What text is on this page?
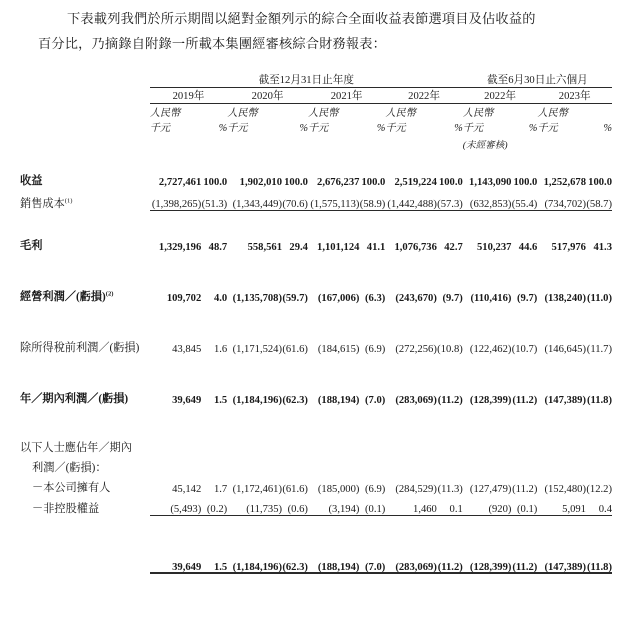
下表載列我們於所示期間以絕對金額列示的綜合全面收益表節選項目及佔收益的

百分比，乃摘錄自附錄一所載本集團經審核綜合財務報表：

	截至12月31日止年度								截至6月30日止六個月			

	2019年		2020年		2021年		2022年		2022年		2023年	

	人民幣		人民幣		人民幣		人民幣		人民幣		人民幣	
	千元	%	千元	%	千元	%	千元	%	千元	%	千元	%
									(未經審核)			

收益	2,727,461	100.0	1,902,010	100.0	2,676,237	100.0	2,519,224	100.0	1,143,090	100.0	1,252,678	100.0
銷售成本$^{(1)}$	(1,398,265)	(51.3)	(1,343,449)	(70.6)	(1,575,113)	(58.9)	(1,442,488)	(57.3)	(632,853)	(55.4)	(734,702)	(58.7)

毛利	1,329,196	48.7	558,561	29.4	1,101,124	41.1	1,076,736	42.7	510,237	44.6	517,976	41.3

經營利潤／(虧損)$^{(2)}$	109,702	4.0	(1,135,708)	(59.7)	(167,006)	(6.3)	(243,670)	(9.7)	(110,416)	(9.7)	(138,240)	(11.0)

除所得稅前利潤／(虧損)	43,845	1.6	(1,171,524)	(61.6)	(184,615)	(6.9)	(272,256)	(10.8)	(122,462)	(10.7)	(146,645)	(11.7)

年／期內利潤／(虧損)	39,649	1.5	(1,184,196)	(62.3)	(188,194)	(7.0)	(283,069)	(11.2)	(128,399)	(11.2)	(147,389)	(11.8)

以下人士應佔年／期內												
利潤／(虧損)：												
－本公司擁有人	45,142	1.7	(1,172,461)	(61.6)	(185,000)	(6.9)	(284,529)	(11.3)	(127,479)	(11.2)	(152,480)	(12.2)
－非控股權益	(5,493)	(0.2)	(11,735)	(0.6)	(3,194)	(0.1)	1,460	0.1	(920)	(0.1)	5,091	0.4

	39,649	1.5	(1,184,196)	(62.3)	(188,194)	(7.0)	(283,069)	(11.2)	(128,399)	(11.2)	(147,389)	(11.8)
